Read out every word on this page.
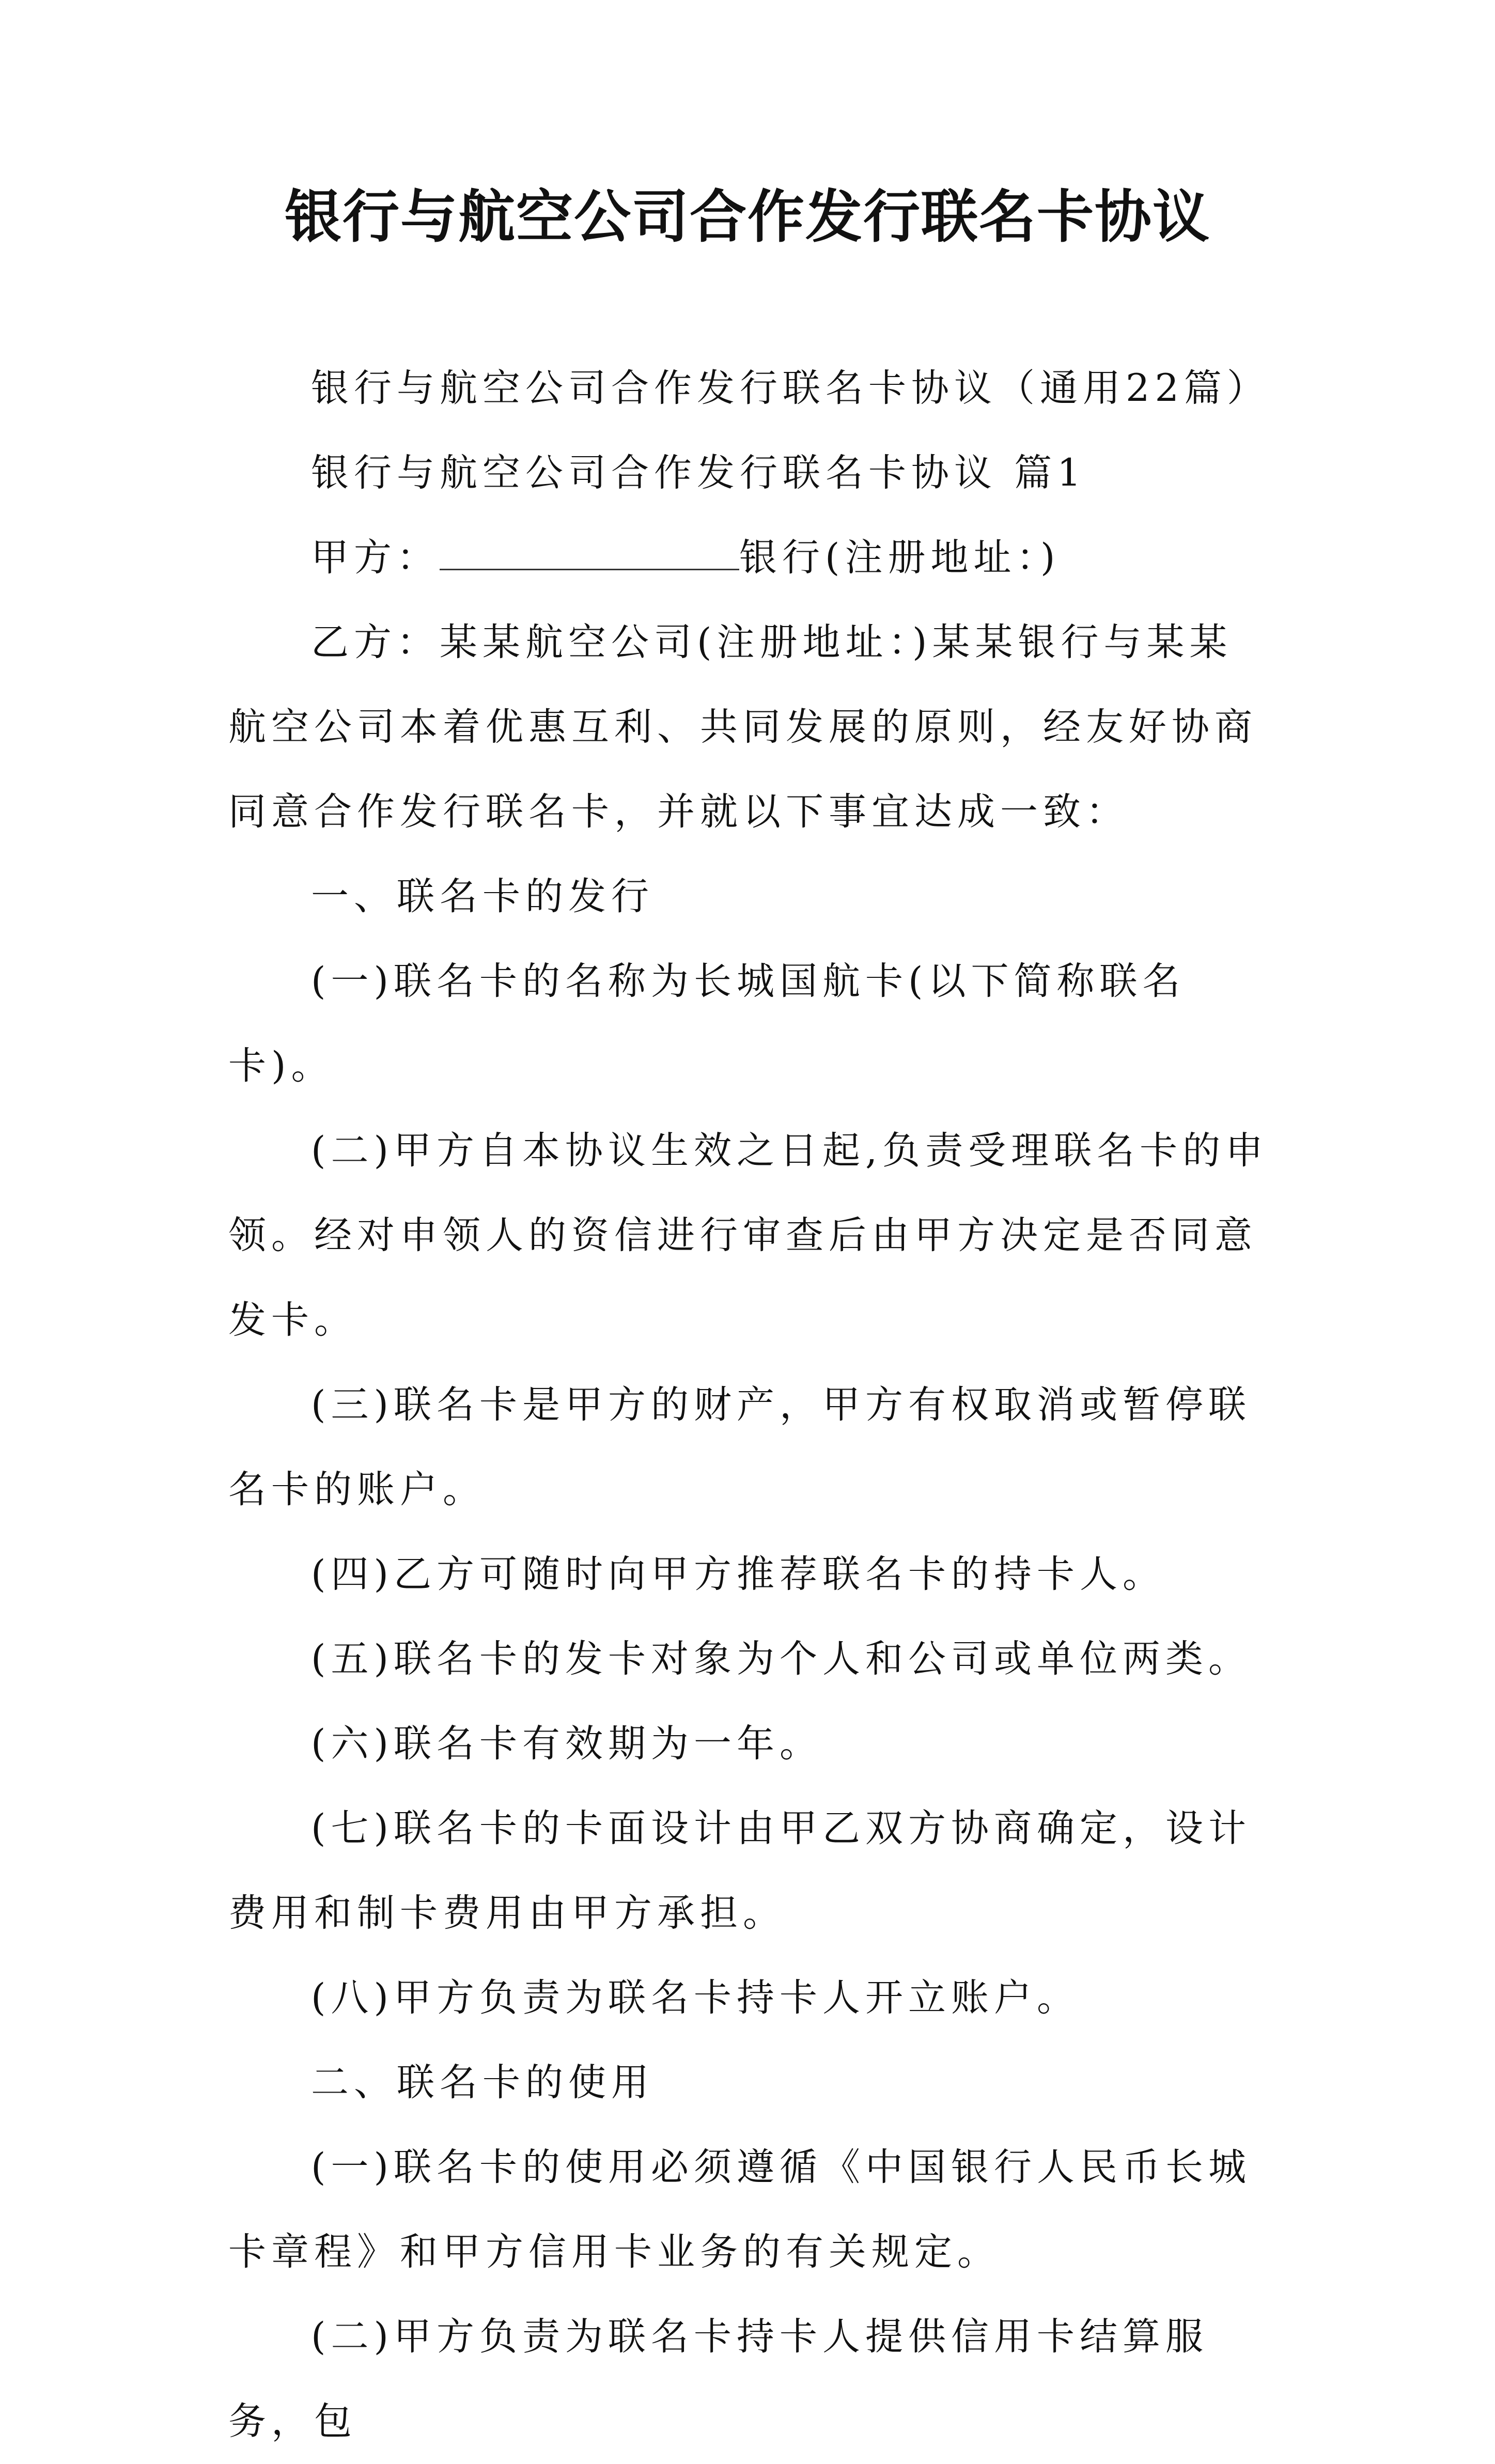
银行与航空公司合作发行联名卡协议

银行与航空公司合作发行联名卡协议（通用22篇）

银行与航空公司合作发行联名卡协议 篇1

甲方：	银行(注册地址：)

乙方：某某航空公司(注册地址：)某某银行与某某航空公司本着优惠互利、共同发展的原则，经友好协商同意合作发行联名卡，并就以下事宜达成一致：

一、联名卡的发行

(一)联名卡的名称为长城国航卡(以下简称联名卡)。

(二)甲方自本协议生效之日起,负责受理联名卡的申领。经对申领人的资信进行审查后由甲方决定是否同意发卡。

(三)联名卡是甲方的财产，甲方有权取消或暂停联名卡的账户。

(四)乙方可随时向甲方推荐联名卡的持卡人。

(五)联名卡的发卡对象为个人和公司或单位两类。

(六)联名卡有效期为一年。

(七)联名卡的卡面设计由甲乙双方协商确定，设计费用和制卡费用由甲方承担。

(八)甲方负责为联名卡持卡人开立账户。

二、联名卡的使用

(一)联名卡的使用必须遵循《中国银行人民币长城卡章程》和甲方信用卡业务的有关规定。

(二)甲方负责为联名卡持卡人提供信用卡结算服务，包
